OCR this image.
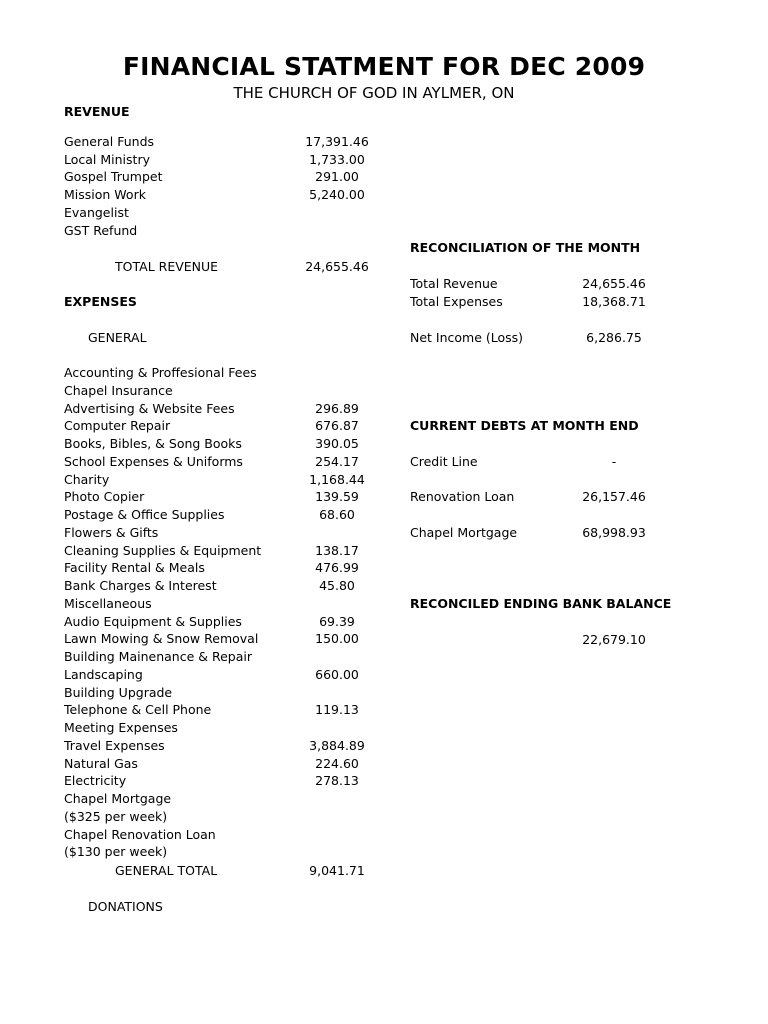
FINANCIAL STATMENT FOR DEC 2009
THE CHURCH OF GOD IN AYLMER, ON
REVENUE
General Funds	17,391.46
Local Ministry	1,733.00
Gospel Trumpet	291.00
Mission Work	5,240.00
Evangelist
GST Refund
TOTAL REVENUE	24,655.46
EXPENSES
GENERAL
Accounting & Proffesional Fees
Chapel Insurance
Advertising & Website Fees	296.89
Computer Repair	676.87
Books, Bibles, & Song Books	390.05
School Expenses & Uniforms	254.17
Charity	1,168.44
Photo Copier	139.59
Postage & Office Supplies	68.60
Flowers & Gifts
Cleaning Supplies & Equipment	138.17
Facility Rental & Meals	476.99
Bank Charges & Interest	45.80
Miscellaneous
Audio Equipment & Supplies	69.39
Lawn Mowing & Snow Removal	150.00
Building Mainenance & Repair
Landscaping	660.00
Building Upgrade
Telephone & Cell Phone	119.13
Meeting Expenses
Travel Expenses	3,884.89
Natural Gas	224.60
Electricity	278.13
Chapel Mortgage
($325 per week)
Chapel Renovation Loan
($130 per week)
GENERAL TOTAL	9,041.71
DONATIONS
RECONCILIATION OF THE MONTH
Total Revenue	24,655.46
Total Expenses	18,368.71
Net Income (Loss)	6,286.75
CURRENT DEBTS AT MONTH END
Credit Line	-
Renovation Loan	26,157.46
Chapel Mortgage	68,998.93
RECONCILED ENDING BANK BALANCE
22,679.10
